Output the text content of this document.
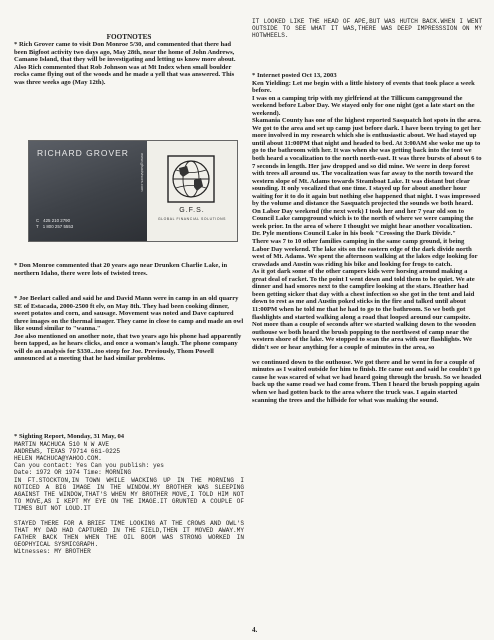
FOOTNOTES
* Rich Grover came to visit Don Monroe 5/30, and commented that there had been Bigfoot activity two days ago, May 28th, near the home of John Andrews, Camano Island, that they will be investigating and letting us know more about.
Also Rich commented that Rob Johnson was at Mt Index when small boulder rocks came flying out of the woods and he made a yell that was answered. This was three weeks ago (May 12th).
* Don Monroe commented that 20 years ago near Drunken Charlie Lake, in northern Idaho, there were lots of twisted trees.
* Joe Beelart called and said he and David Mann were in camp in an old quarry SE of Estacada, 2000-2500 ft elv, on May 8th. They had been cooking dinner, sweet potatos and corn, and sausage. Movement was noted and Dave captured three images on the thermal imager. They came in close to camp and made an owl like sound similar to "wanna."
Joe also mentioned on another note, that two years ago his phone had apparently been tapped, as he hears clicks, and once a woman's laugh. The phone company will do an analysis for $330...too steep for Joe. Previously, Thom Powell announced at a meeting that he had similar problems.
* Sighting Report, Monday, 31 May, 04
MARTIN MACHUCA 510 N W AVE
ANDREWS, TEXAS 79714 661-0225
HELEN MACHUCA@YAHOO.COM.
Can you contact: Yes Can you publish: yes
Date: 1972 OR 1974 Time: MORNING
IN FT.STOCKTON,IN TOWN WHILE WACKING UP IN THE MORNING I NOTICED A BIG IMAGE IN THE WINDOW.MY BROTHER WAS SLEEPING AGAINST THE WINDOW,THAT'S WHEN MY BROTHER MOVE,I TOLD HIM NOT TO MOVE,AS I KEPT MY EYE ON THE IMAGE.IT GRUNTED A COUPLE OF TIMES BUT NOT LOUD.IT

STAYED THERE FOR A BRIEF TIME LOOKING AT THE CROWS AND OWL'S THAT MY DAD HAD CAPTURED IN THE FIELD,THEN IT MOVED AWAY.MY FATHER BACK THEN WHEN THE OIL BOOM WAS STRONG WORKED IN GEOPHYICAL SYSMICGRAPH.
Witnesses: MY BROTHER
RICHARD GROVER
C 425 210 2790
T 1 800 257 5553
www.gfsadvisors.com
G.F.S.
GLOBAL FINANCIAL SOLUTIONS
IT LOOKED LIKE THE HEAD OF APE,BUT WAS HUTCH BACK.WHEN I WENT OUTSIDE TO SEE WHAT IT WAS,THERE WAS DEEP IMPRESSSION ON MY HOTWHEELS.
* Internet posted Oct 13, 2003
Ken Yielding: Let me begin with a little history of events that took place a week before.
I was on a camping trip with my girlfriend at the Tillicum campground the weekend before Labor Day. We stayed only for one night (got a late start on the weekend).
Skamania County has one of the highest reported Sasquatch hot spots in the area. We got to the area and set up camp just before dark. I have been trying to get her more involved in my research which she is enthusiastic about. We had stayed up until about 11:00PM that night and headed to bed. At 3:00AM she woke me up to go to the bathroom with her. It was when she was getting back into the tent we both heard a vocalization to the north north-east. It was three bursts of about 6 to 7 seconds in length. Her jaw dropped and so did mine. We were in deep forest with trees all around us. The vocalization was far away to the north toward the western slope of Mt. Adams towards Steamboat Lake. It was distant but clear sounding. It only vocalized that one time. I stayed up for about another hour waiting for it to do it again but nothing else happened that night. I was impressed by the volume and distance the Sasquatch projected the sounds we both heard.
On Labor Day weekend (the next week) I took her and her 7 year old son to Council Lake campground which is to the north of where we were camping the week prior. In the area of where I thought we might hear another vocalization.
Dr. Pyle mentions Council Lake in his book "Crossing the Dark Divide."
There was 7 to 10 other families camping in the same camp ground, it being Labor Day weekend. The lake sits on the eastern edge of the dark divide north west of Mt. Adams. We spent the afternoon walking at the lakes edge looking for crawdads and Austin was riding his bike and looking for frogs to catch.
As it got dark some of the other campers kids were horsing around making a great deal of racket. To the point I went down and told them to be quiet. We ate dinner and had smores next to the campfire looking at the stars. Heather had been getting sicker that day with a chest infection so she got in the tent and laid down to rest as me and Austin poked sticks in the fire and talked until about 11:00PM when he told me that he had to go to the bathroom. So we both got flashlights and started walking along a road that looped around our campsite. Not more than a couple of seconds after we started walking down to the wooden outhouse we both heard the brush popping to the northwest of camp near the western shore of the lake. We stopped to scan the area with our flashlights. We didn't see or hear anything for a couple of minutes in the area, so

we continued down to the outhouse. We got there and he went in for a couple of minutes as I waited outside for him to finish. He came out and said he couldn't go cause he was scared of what we had heard going through the brush. So we headed back up the same road we had come from. Then I heard the brush popping again when we had gotten back to the area where the truck was. I again started scanning the trees and the hillside for what was making the sound.
4.
